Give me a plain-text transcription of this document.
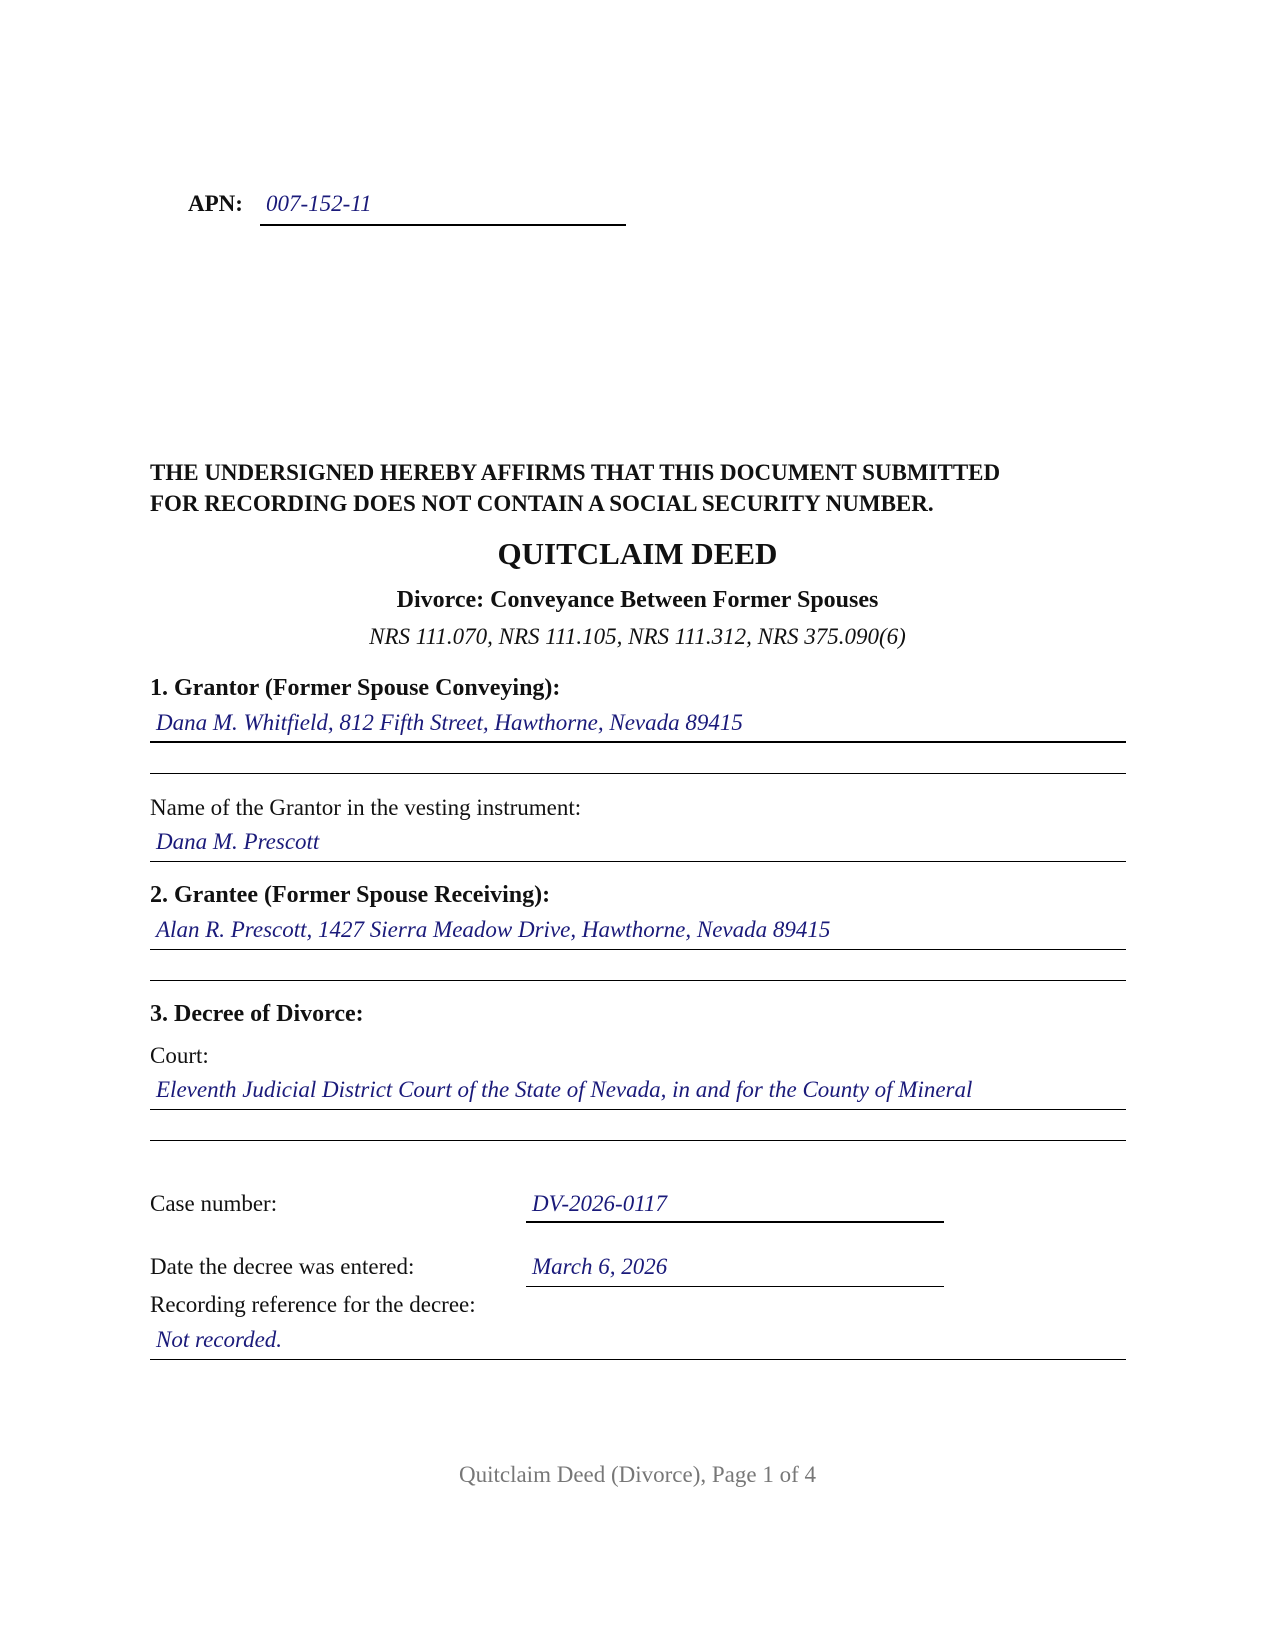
APN: 007-152-11
THE UNDERSIGNED HEREBY AFFIRMS THAT THIS DOCUMENT SUBMITTED
FOR RECORDING DOES NOT CONTAIN A SOCIAL SECURITY NUMBER.
QUITCLAIM DEED
Divorce: Conveyance Between Former Spouses
NRS 111.070, NRS 111.105, NRS 111.312, NRS 375.090(6)
1. Grantor (Former Spouse Conveying):
Dana M. Whitfield, 812 Fifth Street, Hawthorne, Nevada 89415
Name of the Grantor in the vesting instrument:
Dana M. Prescott
2. Grantee (Former Spouse Receiving):
Alan R. Prescott, 1427 Sierra Meadow Drive, Hawthorne, Nevada 89415
3. Decree of Divorce:
Court:
Eleventh Judicial District Court of the State of Nevada, in and for the County of Mineral
Case number:	DV-2026-0117
Date the decree was entered:	March 6, 2026
Recording reference for the decree:
Not recorded.
Quitclaim Deed (Divorce), Page 1 of 4
